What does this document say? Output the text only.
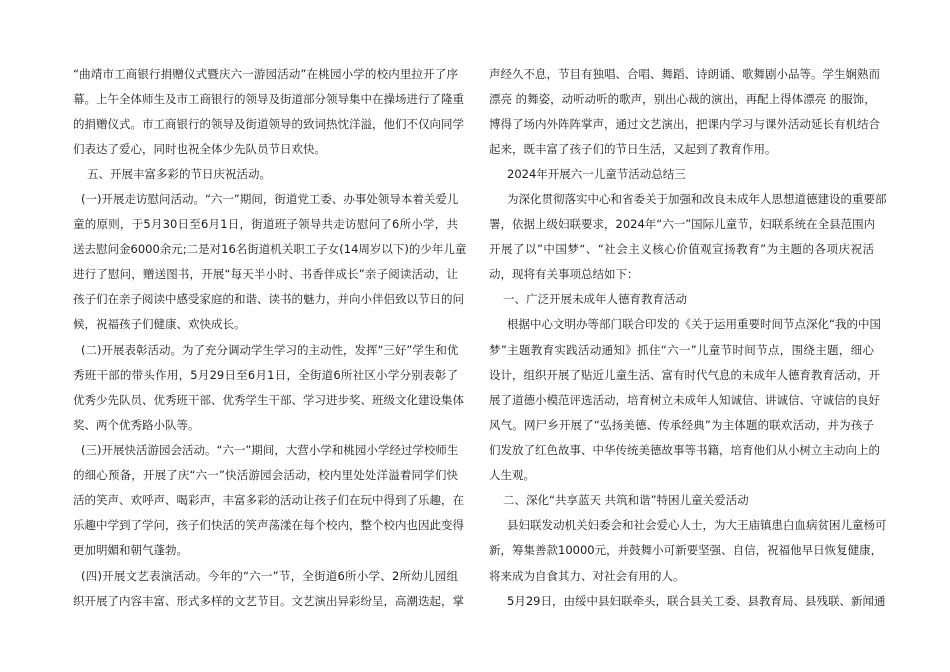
“曲靖市工商银行捐赠仪式暨庆六一游园活动”在桃园小学的校内里拉开了序
幕。上午全体师生及市工商银行的领导及街道部分领导集中在操场进行了隆重
的捐赠仪式。市工商银行的领导及街道领导的致词热忱洋溢，他们不仅向同学
们表达了爱心，同时也祝全体少先队员节日欢快。
五、开展丰富多彩的节日庆祝活动。
(一)开展走访慰问活动。“六一”期间，街道党工委、办事处领导本着关爱儿
童的原则，于5月30日至6月1日，街道班子领导共走访慰问了6所小学，共
送去慰问金6000余元;二是对16名街道机关职工子女(14周岁以下)的少年儿童
进行了慰问，赠送图书，开展“每天半小时、书香伴成长”亲子阅读活动，让
孩子们在亲子阅读中感受家庭的和谐、读书的魅力，并向小伴侣致以节日的问
候，祝福孩子们健康、欢快成长。
(二)开展表彰活动。为了充分调动学生学习的主动性，发挥“三好”学生和优
秀班干部的带头作用，5月29日至6月1日，全街道6所社区小学分别表彰了
优秀少先队员、优秀班干部、优秀学生干部、学习进步奖、班级文化建设集体
奖、两个优秀路小队等。
(三)开展快活游园会活动。“六一”期间，大营小学和桃园小学经过学校师生
的细心预备，开展了庆“六一”快活游园会活动，校内里处处洋溢着同学们快
活的笑声、欢呼声、喝彩声，丰富多彩的活动让孩子们在玩中得到了乐趣，在
乐趣中学到了学问，孩子们快活的笑声荡漾在每个校内，整个校内也因此变得
更加明媚和朝气蓬勃。
(四)开展文艺表演活动。今年的“六一”节，全街道6所小学、2所幼儿园组
织开展了内容丰富、形式多样的文艺节目。文艺演出异彩纷呈，高潮迭起，掌
声经久不息，节目有独唱、合唱、舞蹈、诗朗诵、歌舞剧小品等。学生娴熟而
漂亮 的舞姿，动听动听的歌声，别出心裁的演出，再配上得体漂亮 的服饰，
博得了场内外阵阵掌声，通过文艺演出，把课内学习与课外活动延长有机结合
起来，既丰富了孩子们的节日生活，又起到了教育作用。
2024年开展六一儿童节活动总结三
为深化贯彻落实中心和省委关于加强和改良未成年人思想道德建设的重要部
署，依据上级妇联要求，2024年“六一”国际儿童节，妇联系统在全县范围内
开展了以”中国梦“、“社会主义核心价值观宣扬教育”为主题的各项庆祝活
动，现将有关事项总结如下：
一、广泛开展未成年人德育教育活动
根据中心文明办等部门联合印发的《关于运用重要时间节点深化“我的中国
梦”主题教育实践活动通知》抓住“六一”儿童节时间节点，围绕主题，细心
设计，组织开展了贴近儿童生活、富有时代气息的未成年人德育教育活动，开
展了道德小模范评选活动，培育树立未成年人知诚信、讲诚信、守诚信的良好
风气。网尸乡开展了“弘扬美德、传承经典”为主体题的联欢活动，并为孩子
们发放了红色故事、中华传统美德故事等书籍，培育他们从小树立主动向上的
人生观。
二、深化“共享蓝天 共筑和谐”特困儿童关爱活动
县妇联发动机关妇委会和社会爱心人士，为大王庙镇患白血病贫困儿童杨可
新，筹集善款10000元，并鼓舞小可新要坚强、自信，祝福他早日恢复健康，
将来成为自食其力、对社会有用的人。
5月29日，由绥中县妇联牵头，联合县关工委、县教育局、县残联、新闻通
